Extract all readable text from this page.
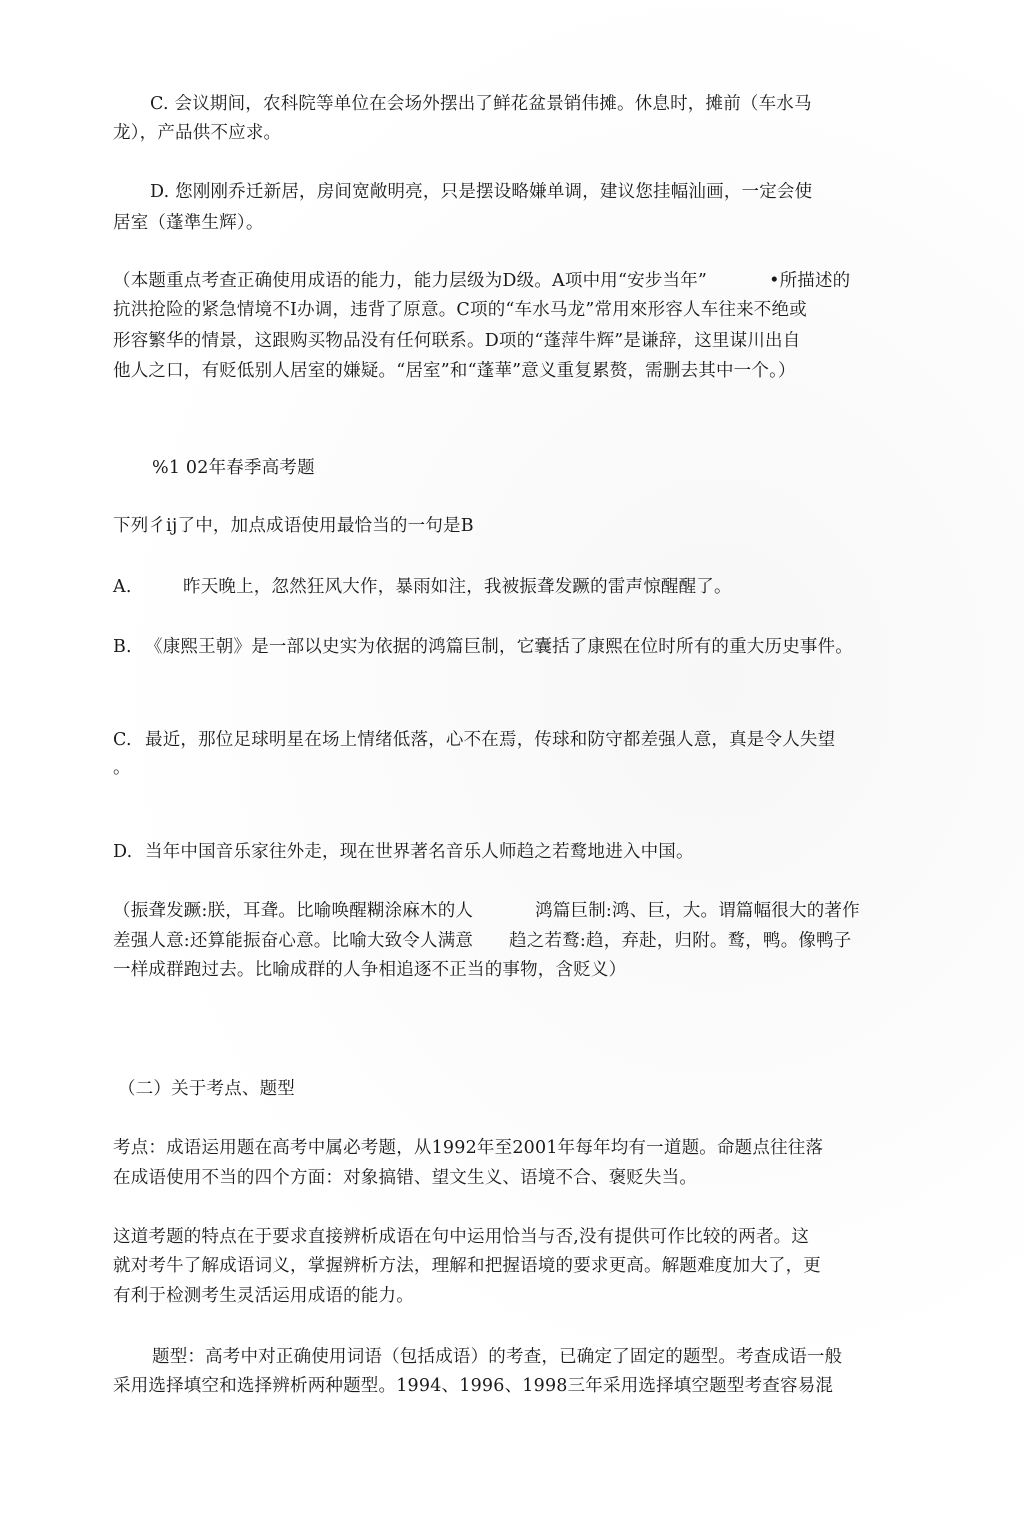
C. 会议期间，农科院等单位在会场外摆出了鲜花盆景销伟摊。休息时，摊前（车水马
龙），产品供不应求。
D. 您刚刚乔迁新居，房间宽敞明亮，只是摆设略嫌单调，建议您挂幅汕画，一定会使
居室（蓬準生辉）。
（本题重点考查正确使用成语的能力，能力层级为D级。A项中用“安步当年”	•所描述的
抗洪抢险的紧急情境不I办调，违背了原意。C项的“车水马龙”常用來形容人车往来不绝或
形容繁华的情景，这跟购买物品没有任何联系。D项的“蓬萍牛辉”是谦辞，这里谋川出自
他人之口，有贬低别人居室的嫌疑。“居室”和“蓬華”意义重复累赘，需删去其中一个。）
%1 02年春季高考题
下列彳ij了中，加点成语使用最恰当的一句是B
A.	昨天晚上，忽然狂风大作，暴雨如注，我被振聋发蹶的雷声惊醒醒了。
B. 《康熙王朝》是一部以史实为依据的鸿篇巨制，它囊括了康熙在位时所有的重大历史事件。
C. 最近，那位足球明星在场上情绪低落，心不在焉，传球和防守都差强人意，真是令人失望
。
D. 当年中国音乐家往外走，现在世界著名音乐人师趋之若鹜地进入中国。
（振聋发蹶:朕，耳聋。比喻唤醒糊涂麻木的人	鸿篇巨制:鸿、巨，大。谓篇幅很大的著作
差强人意:还算能振奋心意。比喻大致令人满意 趋之若鹜:趋，弃赴，归附。鹜，鸭。像鸭子
一样成群跑过去。比喻成群的人争相追逐不正当的事物，含贬义）
（二）关于考点、题型
考点：成语运用题在高考中属必考题，从1992年至2001年每年均有一道题。命题点往往落
在成语使用不当的四个方面：对象搞错、望文生义、语境不合、褒贬失当。
这道考题的特点在于要求直接辨析成语在句中运用恰当与否,没有提供可作比较的两者。这
就对考牛了解成语词义，掌握辨析方法，理解和把握语境的要求更高。解题难度加大了，更
有利于检测考生灵活运用成语的能力。
题型：高考中对正确使用词语（包括成语）的考查，已确定了固定的题型。考查成语一般
采用选择填空和选择辨析两种题型。1994、1996、1998三年采用选择填空题型考查容易混
